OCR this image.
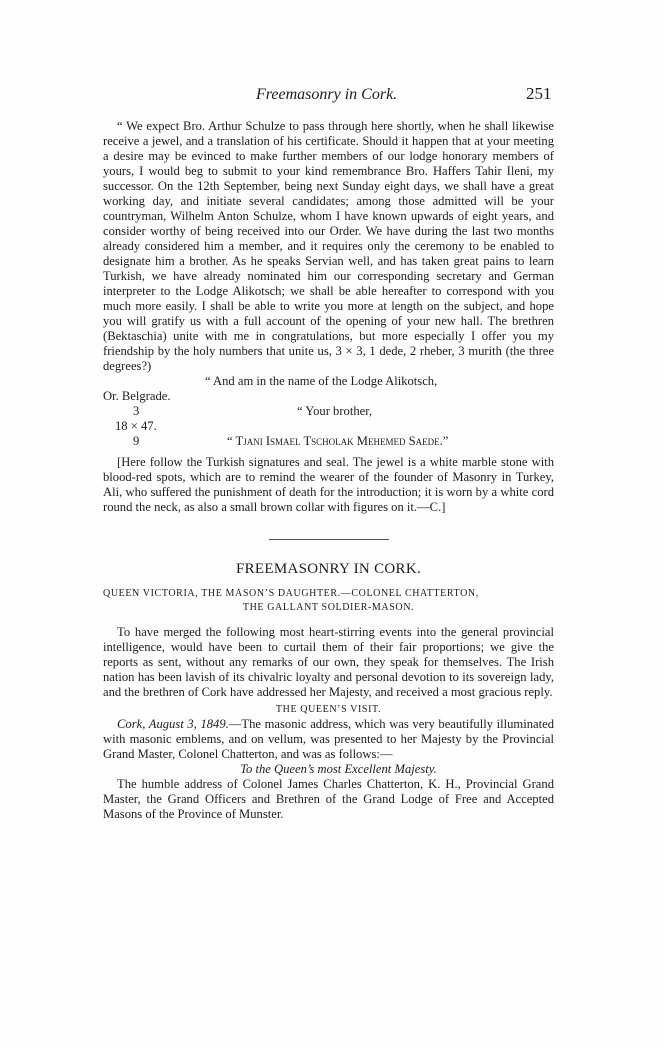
Freemasonry in Cork.	251

“ We expect Bro. Arthur Schulze to pass through here shortly, when he shall likewise receive a jewel, and a translation of his certificate. Should it happen that at your meeting a desire may be evinced to make further members of our lodge honorary members of yours, I would beg to submit to your kind remembrance Bro. Haffers Tahir Ileni, my successor. On the 12th September, being next Sunday eight days, we shall have a great working day, and initiate several candidates; among those admitted will be your countryman, Wilhelm Anton Schulze, whom I have known upwards of eight years, and consider worthy of being received into our Order. We have during the last two months already considered him a member, and it requires only the ceremony to be enabled to designate him a brother. As he speaks Servian well, and has taken great pains to learn Turkish, we have already nominated him our corresponding secretary and German interpreter to the Lodge Alikotsch; we shall be able hereafter to correspond with you much more easily. I shall be able to write you more at length on the subject, and hope you will gratify us with a full account of the opening of your new hall. The brethren (Bektaschia) unite with me in congratulations, but more especially I offer you my friendship by the holy numbers that unite us, 3 × 3, 1 dede, 2 rheber, 3 murith (the three degrees?)

“ And am in the name of the Lodge Alikotsch,

Or. Belgrade.

3	“ Your brother,
18 × 47.
9	“ Tjani Ismael Tscholak Mehemed Saede.”

[Here follow the Turkish signatures and seal. The jewel is a white marble stone with blood-red spots, which are to remind the wearer of the founder of Masonry in Turkey, Ali, who suffered the punishment of death for the introduction; it is worn by a white cord round the neck, as also a small brown collar with figures on it.—C.]

FREEMASONRY IN CORK.
QUEEN VICTORIA, THE MASON’S DAUGHTER.—COLONEL CHATTERTON,
THE GALLANT SOLDIER-MASON.

To have merged the following most heart-stirring events into the general provincial intelligence, would have been to curtail them of their fair proportions; we give the reports as sent, without any remarks of our own, they speak for themselves. The Irish nation has been lavish of its chivalric loyalty and personal devotion to its sovereign lady, and the brethren of Cork have addressed her Majesty, and received a most gracious reply.

THE QUEEN’S VISIT.

Cork, August 3, 1849.—The masonic address, which was very beautifully illuminated with masonic emblems, and on vellum, was presented to her Majesty by the Provincial Grand Master, Colonel Chatterton, and was as follows:—

To the Queen’s most Excellent Majesty.

The humble address of Colonel James Charles Chatterton, K. H., Provincial Grand Master, the Grand Officers and Brethren of the Grand Lodge of Free and Accepted Masons of the Province of Munster.
